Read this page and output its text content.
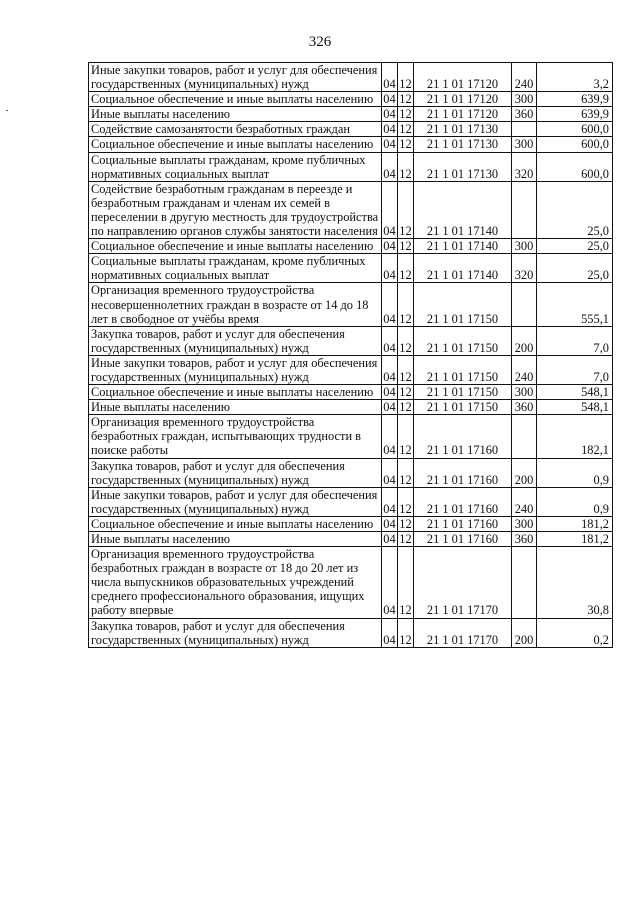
326
Иные закупки товаров, работ и услуг для обеспечения государственных (муниципальных) нужд	04	12	21 1 01 17120	240	3,2
Социальное обеспечение и иные выплаты населению	04	12	21 1 01 17120	300	639,9
Иные выплаты населению	04	12	21 1 01 17120	360	639,9
Содействие самозанятости безработных граждан	04	12	21 1 01 17130		600,0
Социальное обеспечение и иные выплаты населению	04	12	21 1 01 17130	300	600,0
Социальные выплаты гражданам, кроме публичных нормативных социальных выплат	04	12	21 1 01 17130	320	600,0
Содействие безработным гражданам в переезде и безработным гражданам и членам их семей в переселении в другую местность для трудоустройства по направлению органов службы занятости населения	04	12	21 1 01 17140		25,0
Социальное обеспечение и иные выплаты населению	04	12	21 1 01 17140	300	25,0
Социальные выплаты гражданам, кроме публичных нормативных социальных выплат	04	12	21 1 01 17140	320	25,0
Организация временного трудоустройства несовершеннолетних граждан в возрасте от 14 до 18 лет в свободное от учёбы время	04	12	21 1 01 17150		555,1
Закупка товаров, работ и услуг для обеспечения государственных (муниципальных) нужд	04	12	21 1 01 17150	200	7,0
Иные закупки товаров, работ и услуг для обеспечения государственных (муниципальных) нужд	04	12	21 1 01 17150	240	7,0
Социальное обеспечение и иные выплаты населению	04	12	21 1 01 17150	300	548,1
Иные выплаты населению	04	12	21 1 01 17150	360	548,1
Организация временного трудоустройства безработных граждан, испытывающих трудности в поиске работы	04	12	21 1 01 17160		182,1
Закупка товаров, работ и услуг для обеспечения государственных (муниципальных) нужд	04	12	21 1 01 17160	200	0,9
Иные закупки товаров, работ и услуг для обеспечения государственных (муниципальных) нужд	04	12	21 1 01 17160	240	0,9
Социальное обеспечение и иные выплаты населению	04	12	21 1 01 17160	300	181,2
Иные выплаты населению	04	12	21 1 01 17160	360	181,2
Организация временного трудоустройства безработных граждан в возрасте от 18 до 20 лет из числа выпускников образовательных учреждений среднего профессионального образования, ищущих работу впервые	04	12	21 1 01 17170		30,8
Закупка товаров, работ и услуг для обеспечения государственных (муниципальных) нужд	04	12	21 1 01 17170	200	0,2
